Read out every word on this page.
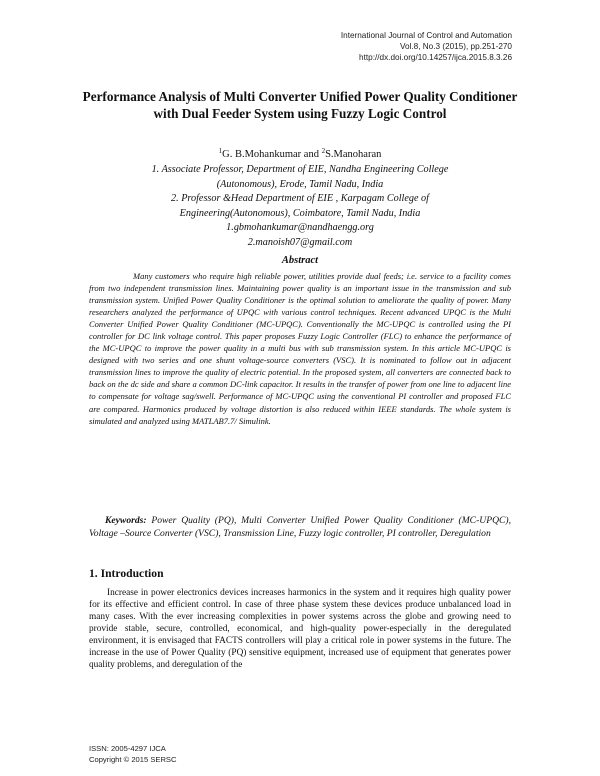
International Journal of Control and Automation
Vol.8, No.3 (2015), pp.251-270
http://dx.doi.org/10.14257/ijca.2015.8.3.26
Performance Analysis of Multi Converter Unified Power Quality Conditioner with Dual Feeder System using Fuzzy Logic Control
$^1$G. B.Mohankumar and $^2$S.Manoharan
1. Associate Professor, Department of EIE, Nandha Engineering College
(Autonomous), Erode, Tamil Nadu, India
2. Professor &Head Department of EIE , Karpagam College of
Engineering(Autonomous), Coimbatore, Tamil Nadu, India
1.gbmohankumar@nandhaengg.org
2.manoish07@gmail.com
Abstract

Many customers who require high reliable power, utilities provide dual feeds; i.e. service to a facility comes from two independent transmission lines. Maintaining power quality is an important issue in the transmission and sub transmission system. Unified Power Quality Conditioner is the optimal solution to ameliorate the quality of power. Many researchers analyzed the performance of UPQC with various control techniques. Recent advanced UPQC is the Multi Converter Unified Power Quality Conditioner (MC-UPQC). Conventionally the MC-UPQC is controlled using the PI controller for DC link voltage control. This paper proposes Fuzzy Logic Controller (FLC) to enhance the performance of the MC-UPQC to improve the power quality in a multi bus with sub transmission system. In this article MC-UPQC is designed with two series and one shunt voltage-source converters (VSC). It is nominated to follow out in adjacent transmission lines to improve the quality of electric potential. In the proposed system, all converters are connected back to back on the dc side and share a common DC-link capacitor. It results in the transfer of power from one line to adjacent line to compensate for voltage sag/swell. Performance of MC-UPQC using the conventional PI controller and proposed FLC are compared. Harmonics produced by voltage distortion is also reduced within IEEE standards. The whole system is simulated and analyzed using MATLAB7.7/ Simulink.

Keywords: Power Quality (PQ), Multi Converter Unified Power Quality Conditioner (MC-UPQC), Voltage –Source Converter (VSC), Transmission Line, Fuzzy logic controller, PI controller, Deregulation

1. Introduction

Increase in power electronics devices increases harmonics in the system and it requires high quality power for its effective and efficient control. In case of three phase system these devices produce unbalanced load in many cases. With the ever increasing complexities in power systems across the globe and growing need to provide stable, secure, controlled, economical, and high-quality power-especially in the deregulated environment, it is envisaged that FACTS controllers will play a critical role in power systems in the future. The increase in the use of Power Quality (PQ) sensitive equipment, increased use of equipment that generates power quality problems, and deregulation of the

ISSN: 2005-4297 IJCA
Copyright © 2015 SERSC
